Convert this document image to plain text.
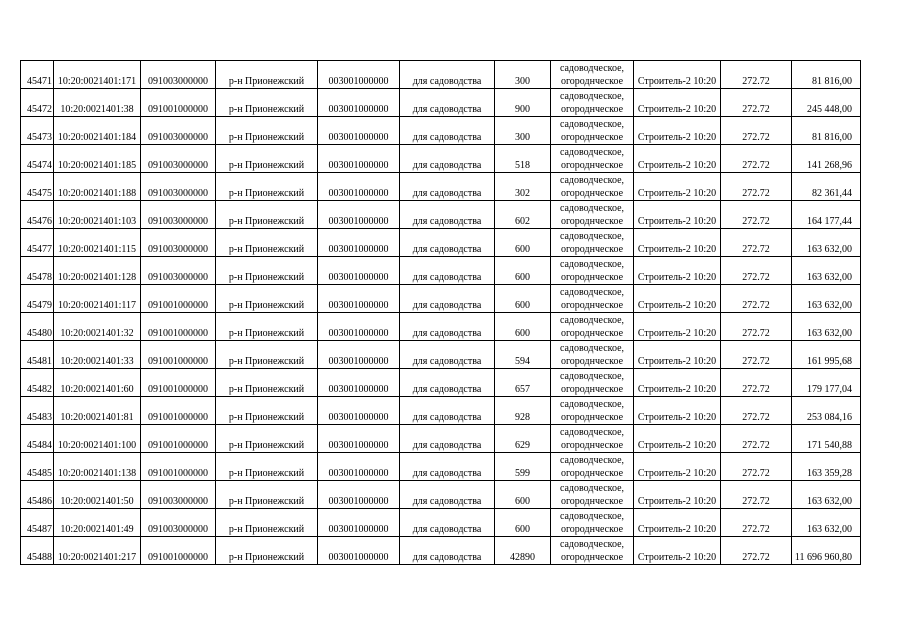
45471	10:20:0021401:171	091003000000	р-н Прионежский	003001000000	для садоводства	300	садоводческое,
огороднческое	Строитель-2 10:20	272.72	81 816,00
45472	10:20:0021401:38	091001000000	р-н Прионежский	003001000000	для садоводства	900	садоводческое,
огороднческое	Строитель-2 10:20	272.72	245 448,00
45473	10:20:0021401:184	091003000000	р-н Прионежский	003001000000	для садоводства	300	садоводческое,
огороднческое	Строитель-2 10:20	272.72	81 816,00
45474	10:20:0021401:185	091003000000	р-н Прионежский	003001000000	для садоводства	518	садоводческое,
огороднческое	Строитель-2 10:20	272.72	141 268,96
45475	10:20:0021401:188	091003000000	р-н Прионежский	003001000000	для садоводства	302	садоводческое,
огороднческое	Строитель-2 10:20	272.72	82 361,44
45476	10:20:0021401:103	091003000000	р-н Прионежский	003001000000	для садоводства	602	садоводческое,
огороднческое	Строитель-2 10:20	272.72	164 177,44
45477	10:20:0021401:115	091003000000	р-н Прионежский	003001000000	для садоводства	600	садоводческое,
огороднческое	Строитель-2 10:20	272.72	163 632,00
45478	10:20:0021401:128	091003000000	р-н Прионежский	003001000000	для садоводства	600	садоводческое,
огороднческое	Строитель-2 10:20	272.72	163 632,00
45479	10:20:0021401:117	091001000000	р-н Прионежский	003001000000	для садоводства	600	садоводческое,
огороднческое	Строитель-2 10:20	272.72	163 632,00
45480	10:20:0021401:32	091001000000	р-н Прионежский	003001000000	для садоводства	600	садоводческое,
огороднческое	Строитель-2 10:20	272.72	163 632,00
45481	10:20:0021401:33	091001000000	р-н Прионежский	003001000000	для садоводства	594	садоводческое,
огороднческое	Строитель-2 10:20	272.72	161 995,68
45482	10:20:0021401:60	091001000000	р-н Прионежский	003001000000	для садоводства	657	садоводческое,
огороднческое	Строитель-2 10:20	272.72	179 177,04
45483	10:20:0021401:81	091001000000	р-н Прионежский	003001000000	для садоводства	928	садоводческое,
огороднческое	Строитель-2 10:20	272.72	253 084,16
45484	10:20:0021401:100	091001000000	р-н Прионежский	003001000000	для садоводства	629	садоводческое,
огороднческое	Строитель-2 10:20	272.72	171 540,88
45485	10:20:0021401:138	091001000000	р-н Прионежский	003001000000	для садоводства	599	садоводческое,
огороднческое	Строитель-2 10:20	272.72	163 359,28
45486	10:20:0021401:50	091003000000	р-н Прионежский	003001000000	для садоводства	600	садоводческое,
огороднческое	Строитель-2 10:20	272.72	163 632,00
45487	10:20:0021401:49	091003000000	р-н Прионежский	003001000000	для садоводства	600	садоводческое,
огороднческое	Строитель-2 10:20	272.72	163 632,00
45488	10:20:0021401:217	091001000000	р-н Прионежский	003001000000	для садоводства	42890	садоводческое,
огороднческое	Строитель-2 10:20	272.72	11 696 960,80
